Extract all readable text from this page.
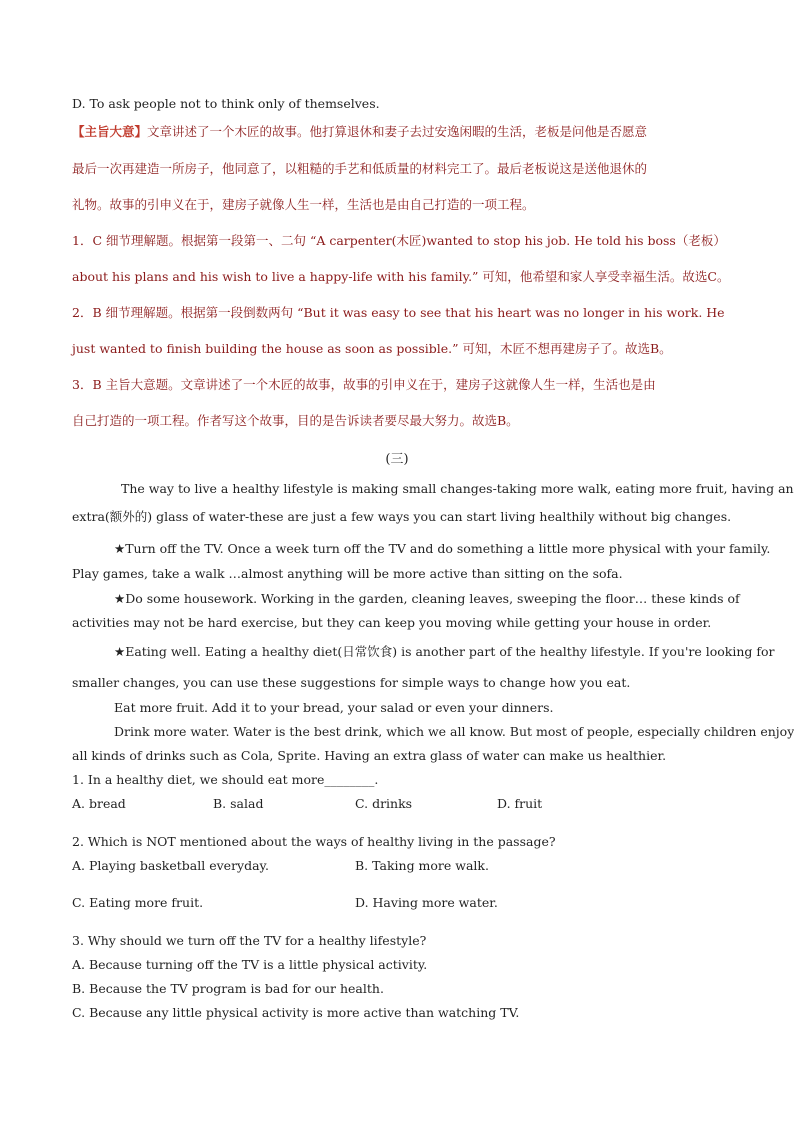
D. To ask people not to think only of themselves.
【主旨大意】文章讲述了一个木匠的故事。他打算退休和妻子去过安逸闲暇的生活，老板是问他是否愿意
最后一次再建造一所房子，他同意了，以粗糙的手艺和低质量的材料完工了。最后老板说这是送他退休的
礼物。故事的引申义在于，建房子就像人生一样，生活也是由自己打造的一项工程。
1．C 细节理解题。根据第一段第一、二句 “A carpenter(木匠)wanted to stop his job. He told his boss（老板）
about his plans and his wish to live a happy-life with his family.” 可知，他希望和家人享受幸福生活。故选C。
2．B 细节理解题。根据第一段倒数两句 “But it was easy to see that his heart was no longer in his work. He
just wanted to finish building the house as soon as possible.” 可知，木匠不想再建房子了。故选B。
3．B 主旨大意题。文章讲述了一个木匠的故事，故事的引申义在于，建房子这就像人生一样，生活也是由
自己打造的一项工程。作者写这个故事，目的是告诉读者要尽最大努力。故选B。
(三)
The way to live a healthy lifestyle is making small changes-taking more walk, eating more fruit, having an
extra(额外的) glass of water-these are just a few ways you can start living healthily without big changes.
★Turn off the TV. Once a week turn off the TV and do something a little more physical with your family.
Play games, take a walk …almost anything will be more active than sitting on the sofa.
★Do some housework. Working in the garden, cleaning leaves, sweeping the floor… these kinds of
activities may not be hard exercise, but they can keep you moving while getting your house in order.
★Eating well. Eating a healthy diet(日常饮食) is another part of the healthy lifestyle. If you're looking for
smaller changes, you can use these suggestions for simple ways to change how you eat.
Eat more fruit. Add it to your bread, your salad or even your dinners.
Drink more water. Water is the best drink, which we all know. But most of people, especially children enjoy
all kinds of drinks such as Cola, Sprite. Having an extra glass of water can make us healthier.
1. In a healthy diet, we should eat more________.
A. bread	B. salad	C. drinks	D. fruit
2. Which is NOT mentioned about the ways of healthy living in the passage?
A. Playing basketball everyday.	B. Taking more walk.
C. Eating more fruit.	D. Having more water.
3. Why should we turn off the TV for a healthy lifestyle?
A. Because turning off the TV is a little physical activity.
B. Because the TV program is bad for our health.
C. Because any little physical activity is more active than watching TV.
